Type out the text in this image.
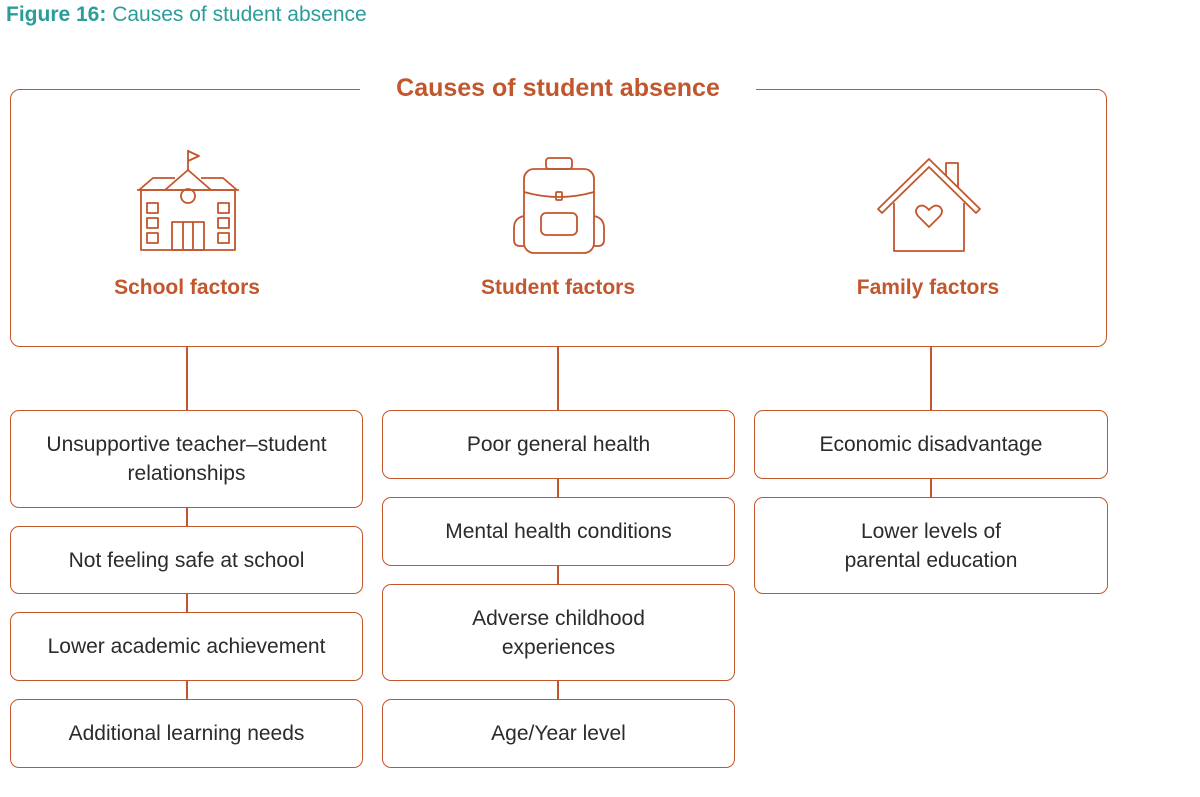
Figure 16: Causes of student absence
Causes of student absence
School factors	Student factors	Family factors
Unsupportive teacher–student relationships
Not feeling safe at school
Lower academic achievement
Additional learning needs
Poor general health
Mental health conditions
Adverse childhood experiences
Age/Year level
Economic disadvantage
Lower levels of parental education
